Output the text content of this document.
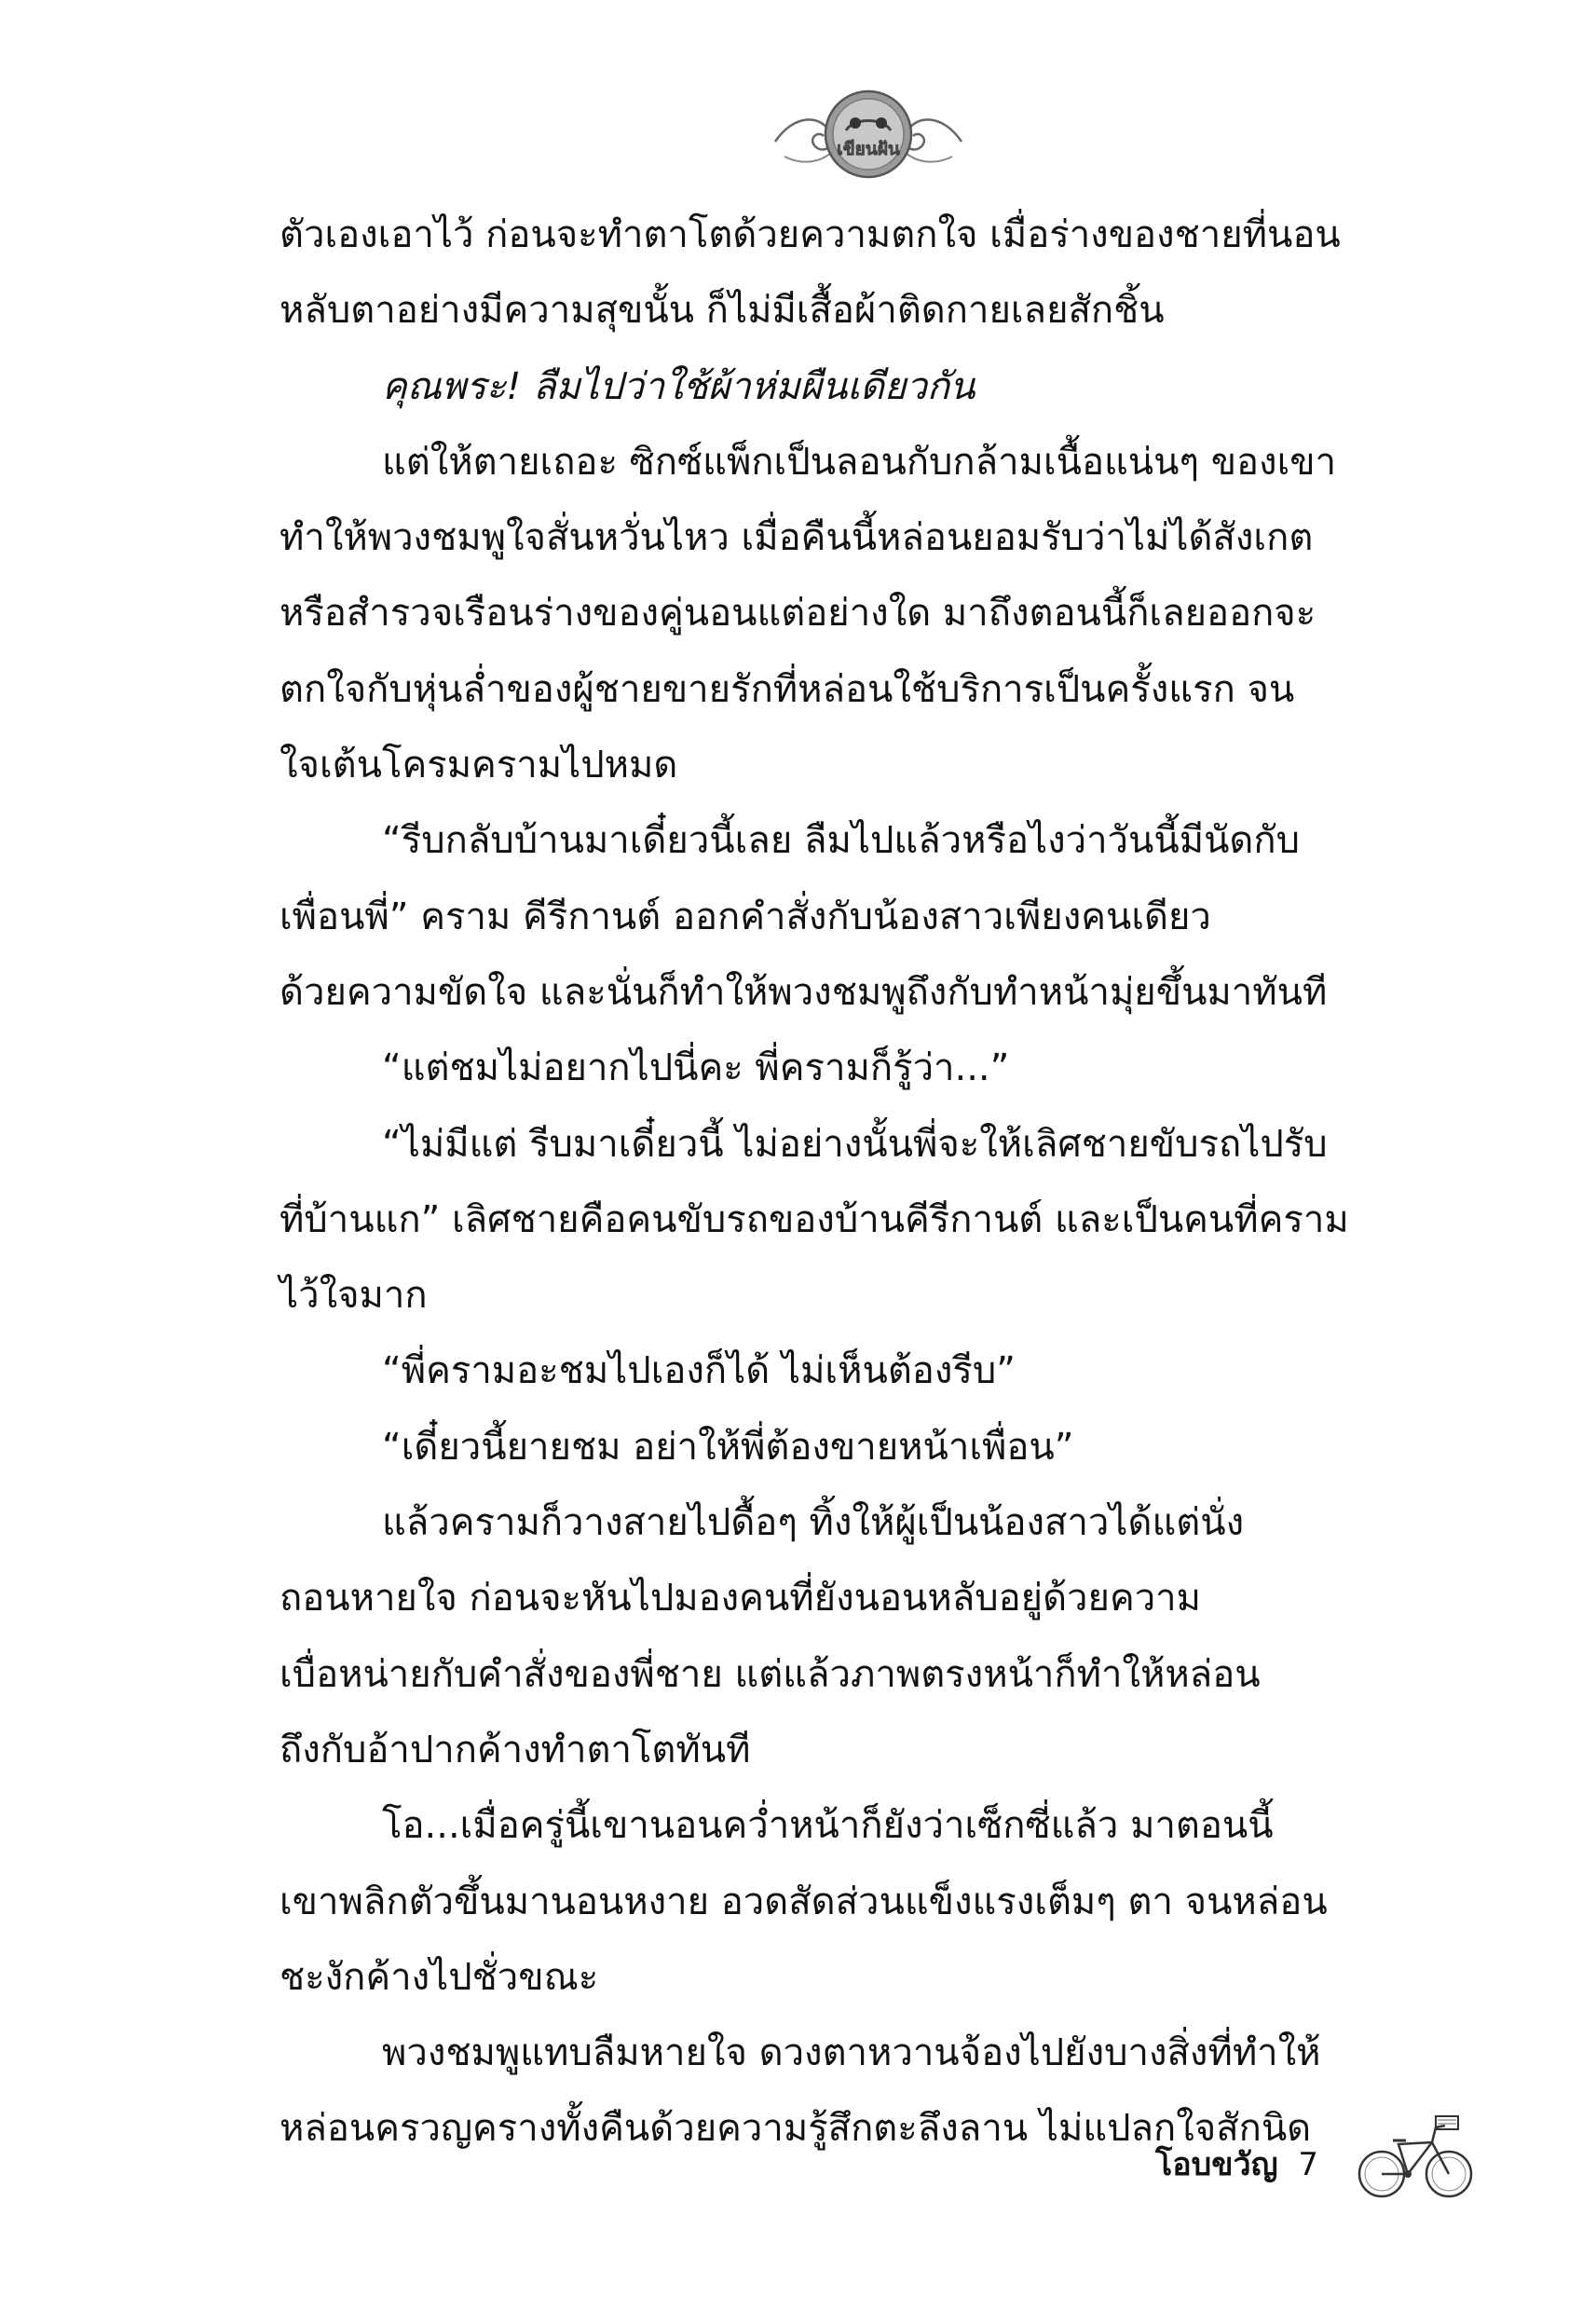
เขียนฝัน
ตัวเองเอาไว้ ก่อนจะทำตาโตด้วยความตกใจ เมื่อร่างของชายที่นอน
หลับตาอย่างมีความสุขนั้น ก็ไม่มีเสื้อผ้าติดกายเลยสักชิ้น
คุณพระ! ลืมไปว่าใช้ผ้าห่มผืนเดียวกัน
แต่ให้ตายเถอะ ซิกซ์แพ็กเป็นลอนกับกล้ามเนื้อแน่นๆ ของเขา
ทำให้พวงชมพูใจสั่นหวั่นไหว เมื่อคืนนี้หล่อนยอมรับว่าไม่ได้สังเกต
หรือสำรวจเรือนร่างของคู่นอนแต่อย่างใด มาถึงตอนนี้ก็เลยออกจะ
ตกใจกับหุ่นล่ำของผู้ชายขายรักที่หล่อนใช้บริการเป็นครั้งแรก จน
ใจเต้นโครมครามไปหมด
“รีบกลับบ้านมาเดี๋ยวนี้เลย ลืมไปแล้วหรือไงว่าวันนี้มีนัดกับ
เพื่อนพี่” คราม คีรีกานต์ ออกคำสั่งกับน้องสาวเพียงคนเดียว
ด้วยความขัดใจ และนั่นก็ทำให้พวงชมพูถึงกับทำหน้ามุ่ยขึ้นมาทันที
“แต่ชมไม่อยากไปนี่คะ พี่ครามก็รู้ว่า...”
“ไม่มีแต่ รีบมาเดี๋ยวนี้ ไม่อย่างนั้นพี่จะให้เลิศชายขับรถไปรับ
ที่บ้านแก” เลิศชายคือคนขับรถของบ้านคีรีกานต์ และเป็นคนที่คราม
ไว้ใจมาก
“พี่ครามอะชมไปเองก็ได้ ไม่เห็นต้องรีบ”
“เดี๋ยวนี้ยายชม อย่าให้พี่ต้องขายหน้าเพื่อน”
แล้วครามก็วางสายไปดื้อๆ ทิ้งให้ผู้เป็นน้องสาวได้แต่นั่ง
ถอนหายใจ ก่อนจะหันไปมองคนที่ยังนอนหลับอยู่ด้วยความ
เบื่อหน่ายกับคำสั่งของพี่ชาย แต่แล้วภาพตรงหน้าก็ทำให้หล่อน
ถึงกับอ้าปากค้างทำตาโตทันที
โอ...เมื่อครู่นี้เขานอนคว่ำหน้าก็ยังว่าเซ็กซี่แล้ว มาตอนนี้
เขาพลิกตัวขึ้นมานอนหงาย อวดสัดส่วนแข็งแรงเต็มๆ ตา จนหล่อน
ชะงักค้างไปชั่วขณะ
พวงชมพูแทบลืมหายใจ ดวงตาหวานจ้องไปยังบางสิ่งที่ทำให้
หล่อนครวญครางทั้งคืนด้วยความรู้สึกตะลึงลาน ไม่แปลกใจสักนิด
โอบขวัญ 7
